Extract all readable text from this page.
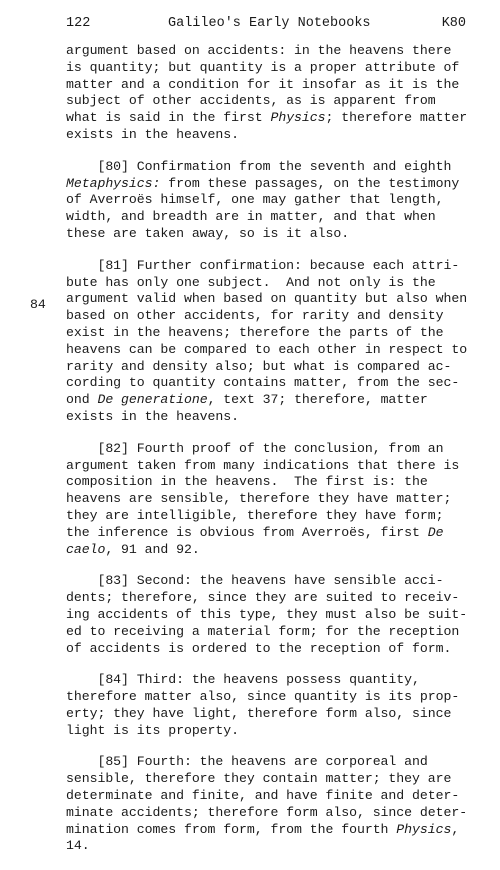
122	Galileo's Early Notebooks	K80
84
argument based on accidents: in the heavens there
is quantity; but quantity is a proper attribute of
matter and a condition for it insofar as it is the
subject of other accidents, as is apparent from
what is said in the first Physics; therefore matter
exists in the heavens.
[80] Confirmation from the seventh and eighth
Metaphysics: from these passages, on the testimony
of Averroës himself, one may gather that length,
width, and breadth are in matter, and that when
these are taken away, so is it also.
[81] Further confirmation: because each attri-
bute has only one subject.  And not only is the
argument valid when based on quantity but also when
based on other accidents, for rarity and density
exist in the heavens; therefore the parts of the
heavens can be compared to each other in respect to
rarity and density also; but what is compared ac-
cording to quantity contains matter, from the sec-
ond De generatione, text 37; therefore, matter
exists in the heavens.
[82] Fourth proof of the conclusion, from an
argument taken from many indications that there is
composition in the heavens.  The first is: the
heavens are sensible, therefore they have matter;
they are intelligible, therefore they have form;
the inference is obvious from Averroës, first De
caelo, 91 and 92.
[83] Second: the heavens have sensible acci-
dents; therefore, since they are suited to receiv-
ing accidents of this type, they must also be suit-
ed to receiving a material form; for the reception
of accidents is ordered to the reception of form.
[84] Third: the heavens possess quantity,
therefore matter also, since quantity is its prop-
erty; they have light, therefore form also, since
light is its property.
[85] Fourth: the heavens are corporeal and
sensible, therefore they contain matter; they are
determinate and finite, and have finite and deter-
minate accidents; therefore form also, since deter-
mination comes from form, from the fourth Physics,
14.
